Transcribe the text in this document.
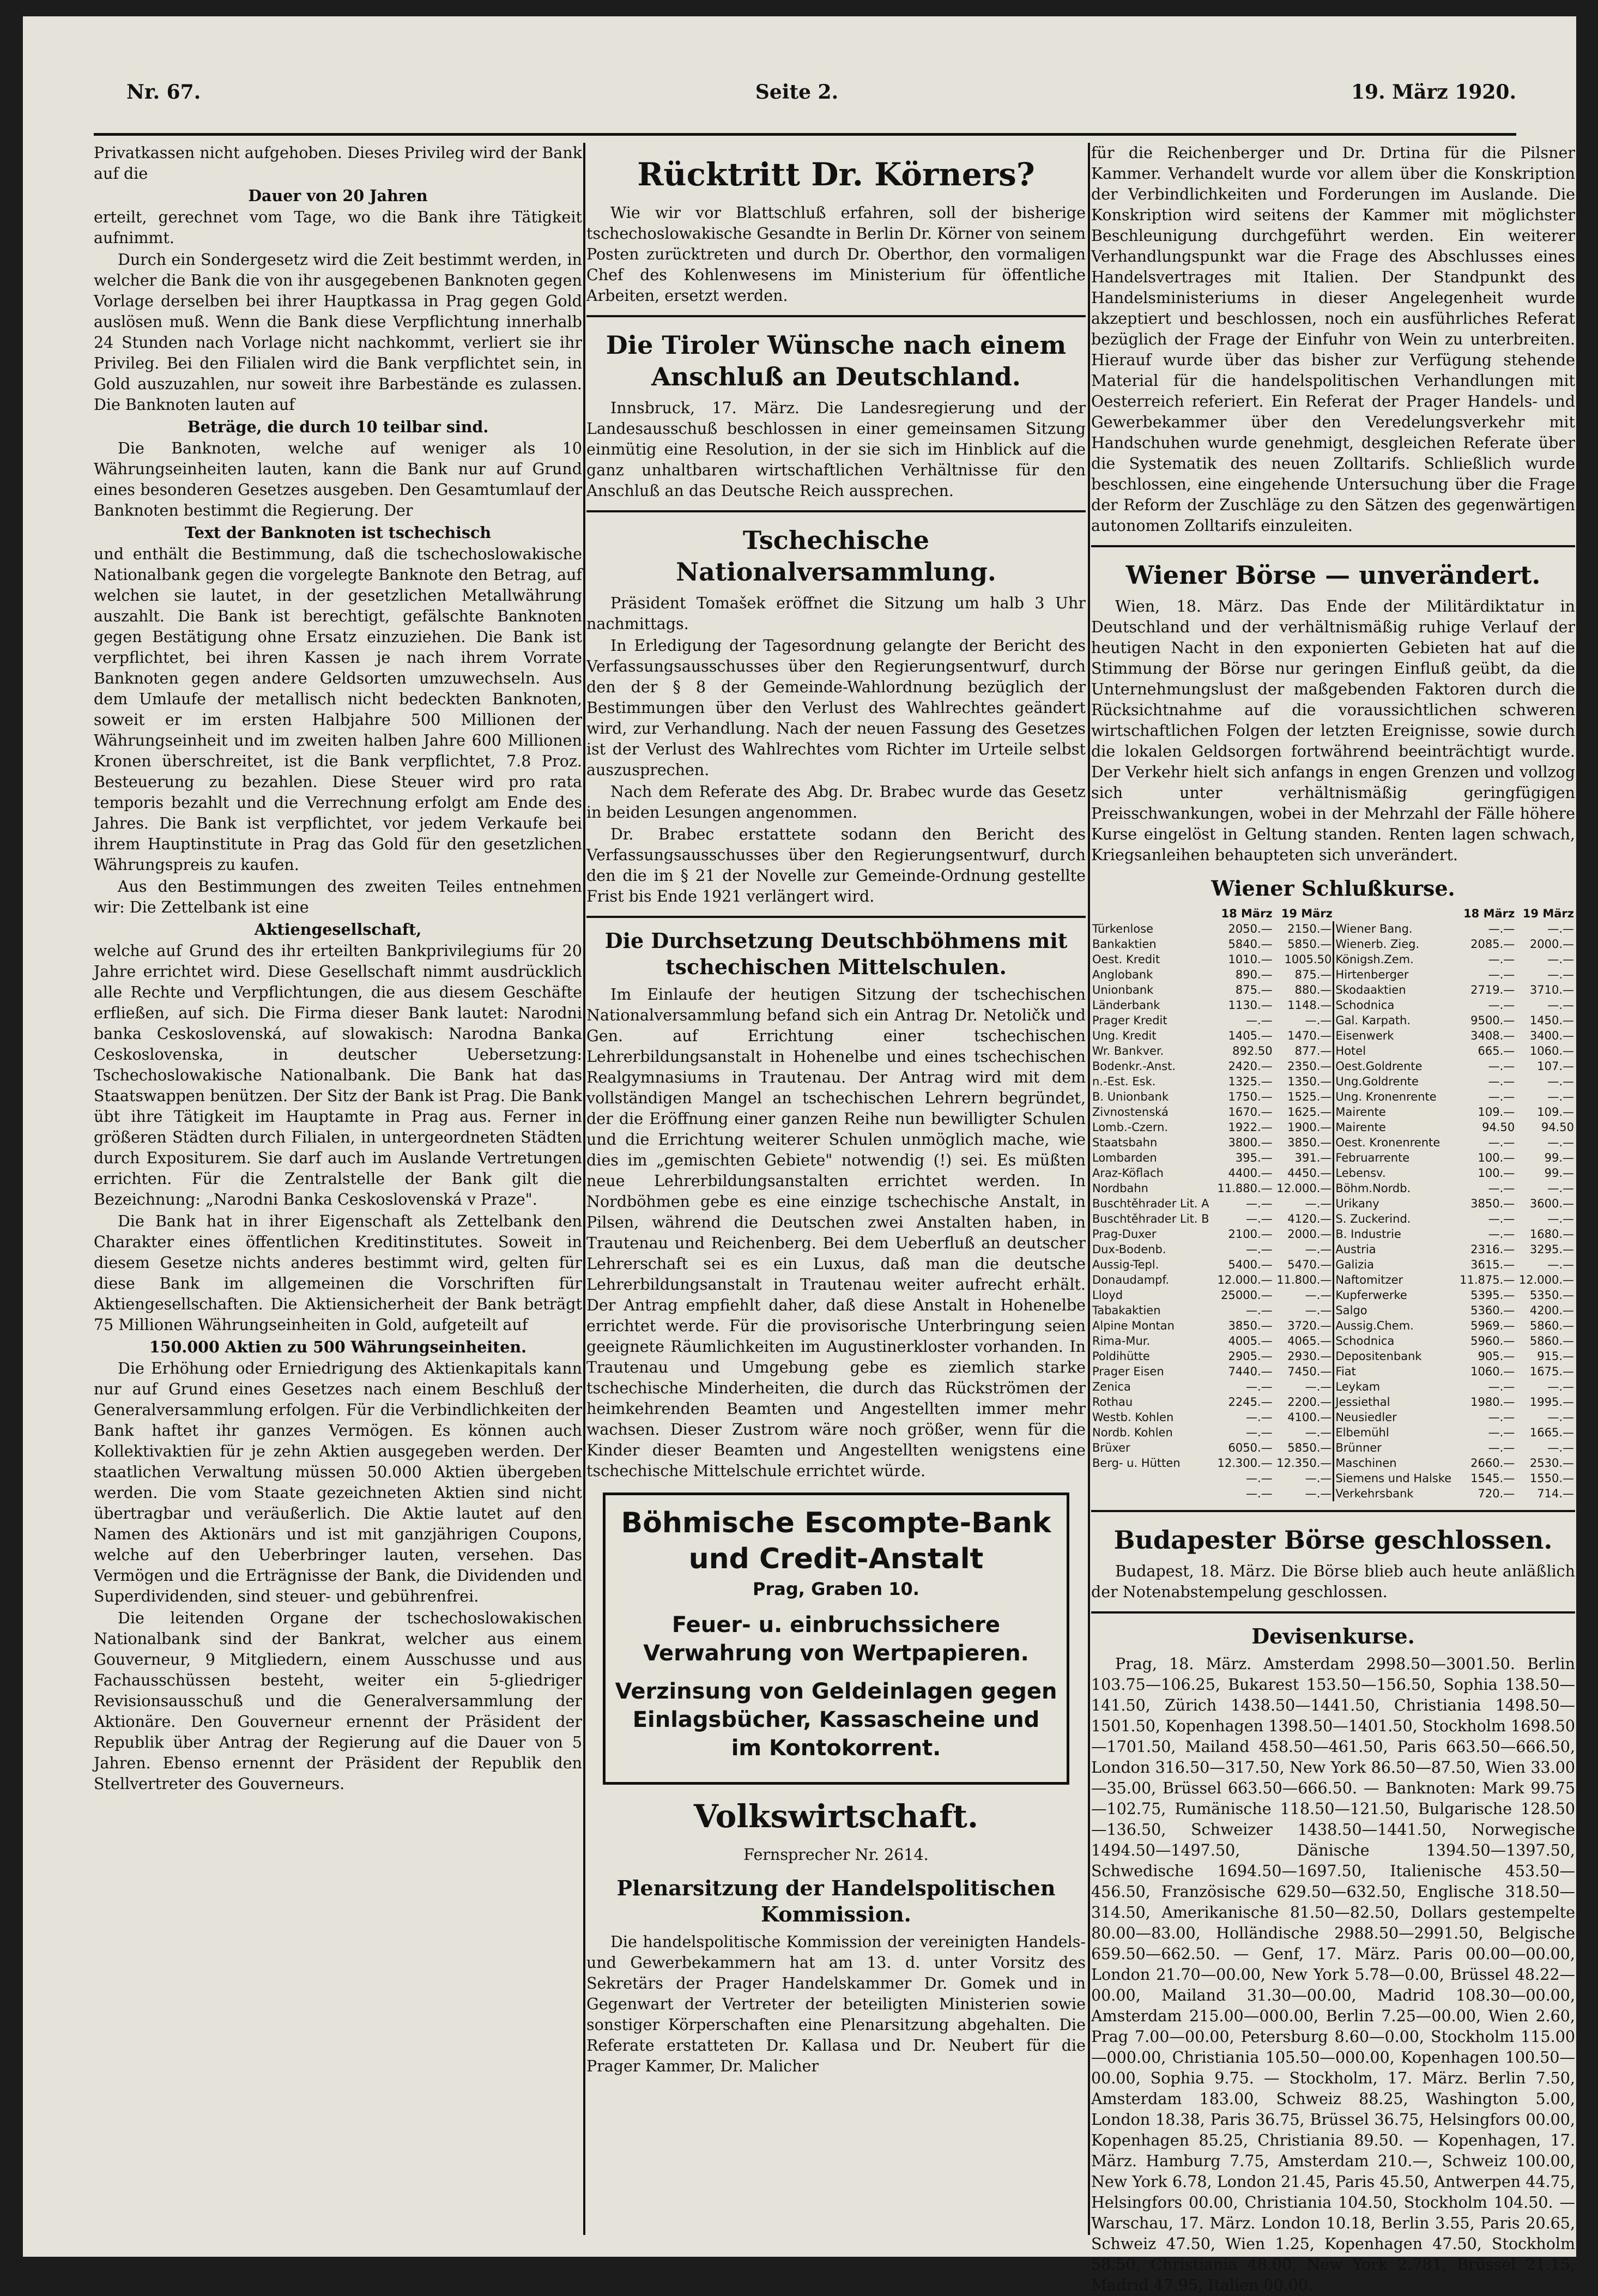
Nr. 67.	Seite 2.	19. März 1920.

Privatkassen nicht aufgehoben. Dieses Privileg wird der Bank auf die

Dauer von 20 Jahren

erteilt, gerechnet vom Tage, wo die Bank ihre Tätigkeit aufnimmt.

Durch ein Sondergesetz wird die Zeit bestimmt werden, in welcher die Bank die von ihr ausgegebenen Banknoten gegen Vorlage derselben bei ihrer Hauptkassa in Prag gegen Gold auslösen muß. Wenn die Bank diese Verpflichtung innerhalb 24 Stunden nach Vorlage nicht nachkommt, verliert sie ihr Privileg. Bei den Filialen wird die Bank verpflichtet sein, in Gold auszuzahlen, nur soweit ihre Barbestände es zulassen. Die Banknoten lauten auf

Beträge, die durch 10 teilbar sind.

Die Banknoten, welche auf weniger als 10 Währungseinheiten lauten, kann die Bank nur auf Grund eines besonderen Gesetzes ausgeben. Den Gesamtumlauf der Banknoten bestimmt die Regierung. Der

Text der Banknoten ist tschechisch

und enthält die Bestimmung, daß die tschechoslowakische Nationalbank gegen die vorgelegte Banknote den Betrag, auf welchen sie lautet, in der gesetzlichen Metallwährung auszahlt. Die Bank ist berechtigt, gefälschte Banknoten gegen Bestätigung ohne Ersatz einzuziehen. Die Bank ist verpflichtet, bei ihren Kassen je nach ihrem Vorrate Banknoten gegen andere Geldsorten umzuwechseln. Aus dem Umlaufe der metallisch nicht bedeckten Banknoten, soweit er im ersten Halbjahre 500 Millionen der Währungseinheit und im zweiten halben Jahre 600 Millionen Kronen überschreitet, ist die Bank verpflichtet, 7.8 Proz. Besteuerung zu bezahlen. Diese Steuer wird pro rata temporis bezahlt und die Verrechnung erfolgt am Ende des Jahres. Die Bank ist verpflichtet, vor jedem Verkaufe bei ihrem Hauptinstitute in Prag das Gold für den gesetzlichen Währungspreis zu kaufen.

Aus den Bestimmungen des zweiten Teiles entnehmen wir: Die Zettelbank ist eine

Aktiengesellschaft,

welche auf Grund des ihr erteilten Bankprivilegiums für 20 Jahre errichtet wird. Diese Gesellschaft nimmt ausdrücklich alle Rechte und Verpflichtungen, die aus diesem Geschäfte erfließen, auf sich. Die Firma dieser Bank lautet: Narodni banka Ceskoslovenská, auf slowakisch: Narodna Banka Ceskoslovenska, in deutscher Uebersetzung: Tschechoslowakische Nationalbank. Die Bank hat das Staatswappen benützen. Der Sitz der Bank ist Prag. Die Bank übt ihre Tätigkeit im Hauptamte in Prag aus. Ferner in größeren Städten durch Filialen, in untergeordneten Städten durch Expositurem. Sie darf auch im Auslande Vertretungen errichten. Für die Zentralstelle der Bank gilt die Bezeichnung: „Narodni Banka Ceskoslovenská v Praze".

Die Bank hat in ihrer Eigenschaft als Zettelbank den Charakter eines öffentlichen Kreditinstitutes. Soweit in diesem Gesetze nichts anderes bestimmt wird, gelten für diese Bank im allgemeinen die Vorschriften für Aktiengesellschaften. Die Aktiensicherheit der Bank beträgt 75 Millionen Währungseinheiten in Gold, aufgeteilt auf

150.000 Aktien zu 500 Währungseinheiten.

Die Erhöhung oder Erniedrigung des Aktienkapitals kann nur auf Grund eines Gesetzes nach einem Beschluß der Generalversammlung erfolgen. Für die Verbindlichkeiten der Bank haftet ihr ganzes Vermögen. Es können auch Kollektivaktien für je zehn Aktien ausgegeben werden. Der staatlichen Verwaltung müssen 50.000 Aktien übergeben werden. Die vom Staate gezeichneten Aktien sind nicht übertragbar und veräußerlich. Die Aktie lautet auf den Namen des Aktionärs und ist mit ganzjährigen Coupons, welche auf den Ueberbringer lauten, versehen. Das Vermögen und die Erträgnisse der Bank, die Dividenden und Superdividenden, sind steuer- und gebührenfrei.

Die leitenden Organe der tschechoslowakischen Nationalbank sind der Bankrat, welcher aus einem Gouverneur, 9 Mitgliedern, einem Ausschusse und aus Fachausschüssen besteht, weiter ein 5-gliedriger Revisionsausschuß und die Generalversammlung der Aktionäre. Den Gouverneur ernennt der Präsident der Republik über Antrag der Regierung auf die Dauer von 5 Jahren. Ebenso ernennt der Präsident der Republik den Stellvertreter des Gouverneurs.

Rücktritt Dr. Körners?

Wie wir vor Blattschluß erfahren, soll der bisherige tschechoslowakische Gesandte in Berlin Dr. Körner von seinem Posten zurücktreten und durch Dr. Oberthor, den vormaligen Chef des Kohlenwesens im Ministerium für öffentliche Arbeiten, ersetzt werden.

Die Tiroler Wünsche nach einem Anschluß an Deutschland.

Innsbruck, 17. März. Die Landesregierung und der Landesausschuß beschlossen in einer gemeinsamen Sitzung einmütig eine Resolution, in der sie sich im Hinblick auf die ganz unhaltbaren wirtschaftlichen Verhältnisse für den Anschluß an das Deutsche Reich aussprechen.

Tschechische Nationalversammlung.

Präsident Tomašek eröffnet die Sitzung um halb 3 Uhr nachmittags.

In Erledigung der Tagesordnung gelangte der Bericht des Verfassungsausschusses über den Regierungsentwurf, durch den der § 8 der Gemeinde-Wahlordnung bezüglich der Bestimmungen über den Verlust des Wahlrechtes geändert wird, zur Verhandlung. Nach der neuen Fassung des Gesetzes ist der Verlust des Wahlrechtes vom Richter im Urteile selbst auszusprechen.

Nach dem Referate des Abg. Dr. Brabec wurde das Gesetz in beiden Lesungen angenommen.

Dr. Brabec erstattete sodann den Bericht des Verfassungsausschusses über den Regierungsentwurf, durch den die im § 21 der Novelle zur Gemeinde-Ordnung gestellte Frist bis Ende 1921 verlängert wird.

Die Durchsetzung Deutschböhmens mit tschechischen Mittelschulen.

Im Einlaufe der heutigen Sitzung der tschechischen Nationalversammlung befand sich ein Antrag Dr. Netoličk und Gen. auf Errichtung einer tschechischen Lehrerbildungsanstalt in Hohenelbe und eines tschechischen Realgymnasiums in Trautenau. Der Antrag wird mit dem vollständigen Mangel an tschechischen Lehrern begründet, der die Eröffnung einer ganzen Reihe nun bewilligter Schulen und die Errichtung weiterer Schulen unmöglich mache, wie dies im „gemischten Gebiete" notwendig (!) sei. Es müßten neue Lehrerbildungsanstalten errichtet werden. In Nordböhmen gebe es eine einzige tschechische Anstalt, in Pilsen, während die Deutschen zwei Anstalten haben, in Trautenau und Reichenberg. Bei dem Ueberfluß an deutscher Lehrerschaft sei es ein Luxus, daß man die deutsche Lehrerbildungsanstalt in Trautenau weiter aufrecht erhält. Der Antrag empfiehlt daher, daß diese Anstalt in Hohenelbe errichtet werde. Für die provisorische Unterbringung seien geeignete Räumlichkeiten im Augustinerkloster vorhanden. In Trautenau und Umgebung gebe es ziemlich starke tschechische Minderheiten, die durch das Rückströmen der heimkehrenden Beamten und Angestellten immer mehr wachsen. Dieser Zustrom wäre noch größer, wenn für die Kinder dieser Beamten und Angestellten wenigstens eine tschechische Mittelschule errichtet würde.

Böhmische Escompte-Bank
und Credit-Anstalt
Prag, Graben 10.
Feuer- u. einbruchssichere Verwahrung von Wertpapieren.
Verzinsung von Geldeinlagen gegen Einlagsbücher, Kassascheine und im Kontokorrent.
Volkswirtschaft.

Fernsprecher Nr. 2614.

Plenarsitzung der Handelspolitischen Kommission.

Die handelspolitische Kommission der vereinigten Handels- und Gewerbekammern hat am 13. d. unter Vorsitz des Sekretärs der Prager Handelskammer Dr. Gomek und in Gegenwart der Vertreter der beteiligten Ministerien sowie sonstiger Körperschaften eine Plenarsitzung abgehalten. Die Referate erstatteten Dr. Kallasa und Dr. Neubert für die Prager Kammer, Dr. Malicher

für die Reichenberger und Dr. Drtina für die Pilsner Kammer. Verhandelt wurde vor allem über die Konskription der Verbindlichkeiten und Forderungen im Auslande. Die Konskription wird seitens der Kammer mit möglichster Beschleunigung durchgeführt werden. Ein weiterer Verhandlungspunkt war die Frage des Abschlusses eines Handelsvertrages mit Italien. Der Standpunkt des Handelsministeriums in dieser Angelegenheit wurde akzeptiert und beschlossen, noch ein ausführliches Referat bezüglich der Frage der Einfuhr von Wein zu unterbreiten. Hierauf wurde über das bisher zur Verfügung stehende Material für die handelspolitischen Verhandlungen mit Oesterreich referiert. Ein Referat der Prager Handels- und Gewerbekammer über den Veredelungsverkehr mit Handschuhen wurde genehmigt, desgleichen Referate über die Systematik des neuen Zolltarifs. Schließlich wurde beschlossen, eine eingehende Untersuchung über die Frage der Reform der Zuschläge zu den Sätzen des gegenwärtigen autonomen Zolltarifs einzuleiten.

Wiener Börse — unverändert.

Wien, 18. März. Das Ende der Militärdiktatur in Deutschland und der verhältnismäßig ruhige Verlauf der heutigen Nacht in den exponierten Gebieten hat auf die Stimmung der Börse nur geringen Einfluß geübt, da die Unternehmungslust der maßgebenden Faktoren durch die Rücksichtnahme auf die voraussichtlichen schweren wirtschaftlichen Folgen der letzten Ereignisse, sowie durch die lokalen Geldsorgen fortwährend beeinträchtigt wurde. Der Verkehr hielt sich anfangs in engen Grenzen und vollzog sich unter verhältnismäßig geringfügigen Preisschwankungen, wobei in der Mehrzahl der Fälle höhere Kurse eingelöst in Geltung standen. Renten lagen schwach, Kriegsanleihen behaupteten sich unverändert.

Wiener Schlußkurse.
	18 März	19 März		18 März	19 März
Türkenlose	2050.—	2150.—	Wiener Bang.	—.—	—.—
Bankaktien	5840.—	5850.—	Wienerb. Zieg.	2085.—	2000.—
Oest. Kredit	1010.—	1005.50	Königsh.Zem.	—.—	—.—
Anglobank	890.—	875.—	Hirtenberger	—.—	—.—
Unionbank	875.—	880.—	Skodaaktien	2719.—	3710.—
Länderbank	1130.—	1148.—	Schodnica	—.—	—.—
Prager Kredit	—.—	—.—	Gal. Karpath.	9500.—	1450.—
Ung. Kredit	1405.—	1470.—	Eisenwerk	3408.—	3400.—
Wr. Bankver.	892.50	877.—	Hotel	665.—	1060.—
Bodenkr.-Anst.	2420.—	2350.—	Oest.Goldrente	—.—	107.—
n.-Est. Esk.	1325.—	1350.—	Ung.Goldrente	—.—	—.—
B. Unionbank	1750.—	1525.—	Ung. Kronenrente	—.—	—.—
Zivnostenská	1670.—	1625.—	Mairente	109.—	109.—
Lomb.-Czern.	1922.—	1900.—	Mairente	94.50	94.50
Staatsbahn	3800.—	3850.—	Oest. Kronenrente	—.—	—.—
Lombarden	395.—	391.—	Februarrente	100.—	99.—
Araz-Köflach	4400.—	4450.—	Lebensv.	100.—	99.—
Nordbahn	11.880.—	12.000.—	Böhm.Nordb.	—.—	—.—
Buschtěhrader Lit. A	—.—	—.—	Urikany	3850.—	3600.—
Buschtěhrader Lit. B	—.—	4120.—	S. Zuckerind.	—.—	—.—
Prag-Duxer	2100.—	2000.—	B. Industrie	—.—	1680.—
Dux-Bodenb.	—.—	—.—	Austria	2316.—	3295.—
Aussig-Tepl.	5400.—	5470.—	Galizia	3615.—	—.—
Donaudampf.	12.000.—	11.800.—	Naftomitzer	11.875.—	12.000.—
Lloyd	25000.—	—.—	Kupferwerke	5395.—	5350.—
Tabakaktien	—.—	—.—	Salgo	5360.—	4200.—
Alpine Montan	3850.—	3720.—	Aussig.Chem.	5969.—	5860.—
Rima-Mur.	4005.—	4065.—	Schodnica	5960.—	5860.—
Poldihütte	2905.—	2930.—	Depositenbank	905.—	915.—
Prager Eisen	7440.—	7450.—	Fiat	1060.—	1675.—
Zenica	—.—	—.—	Leykam	—.—	—.—
Rothau	2245.—	2200.—	Jessiethal	1980.—	1995.—
Westb. Kohlen	—.—	4100.—	Neusiedler	—.—	—.—
Nordb. Kohlen	—.—	—.—	Elbemühl	—.—	1665.—
Brüxer	6050.—	5850.—	Brünner	—.—	—.—
Berg- u. Hütten	12.300.—	12.350.—	Maschinen	2660.—	2530.—
	—.—	—.—	Siemens und Halske	1545.—	1550.—
	—.—	—.—	Verkehrsbank	720.—	714.—
Budapester Börse geschlossen.

Budapest, 18. März. Die Börse blieb auch heute anläßlich der Notenabstempelung geschlossen.

Devisenkurse.

Prag, 18. März. Amsterdam 2998.50—3001.50. Berlin 103.75—106.25, Bukarest 153.50—156.50, Sophia 138.50—141.50, Zürich 1438.50—1441.50, Christiania 1498.50—1501.50, Kopenhagen 1398.50—1401.50, Stockholm 1698.50—1701.50, Mailand 458.50—461.50, Paris 663.50—666.50, London 316.50—317.50, New York 86.50—87.50, Wien 33.00—35.00, Brüssel 663.50—666.50. — Banknoten: Mark 99.75—102.75, Rumänische 118.50—121.50, Bulgarische 128.50—136.50, Schweizer 1438.50—1441.50, Norwegische 1494.50—1497.50, Dänische 1394.50—1397.50, Schwedische 1694.50—1697.50, Italienische 453.50—456.50, Französische 629.50—632.50, Englische 318.50—314.50, Amerikanische 81.50—82.50, Dollars gestempelte 80.00—83.00, Holländische 2988.50—2991.50, Belgische 659.50—662.50. — Genf, 17. März. Paris 00.00—00.00, London 21.70—00.00, New York 5.78—0.00, Brüssel 48.22—00.00, Mailand 31.30—00.00, Madrid 108.30—00.00, Amsterdam 215.00—000.00, Berlin 7.25—00.00, Wien 2.60, Prag 7.00—00.00, Petersburg 8.60—0.00, Stockholm 115.00—000.00, Christiania 105.50—000.00, Kopenhagen 100.50—00.00, Sophia 9.75. — Stockholm, 17. März. Berlin 7.50, Amsterdam 183.00, Schweiz 88.25, Washington 5.00, London 18.38, Paris 36.75, Brüssel 36.75, Helsingfors 00.00, Kopenhagen 85.25, Christiania 89.50. — Kopenhagen, 17. März. Hamburg 7.75, Amsterdam 210.—, Schweiz 100.00, New York 6.78, London 21.45, Paris 45.50, Antwerpen 44.75, Helsingfors 00.00, Christiania 104.50, Stockholm 104.50. — Warschau, 17. März. London 10.18, Berlin 3.55, Paris 20.65, Schweiz 47.50, Wien 1.25, Kopenhagen 47.50, Stockholm 58.50, Christiania 48.00, New York 2.781, Brüssel 21.15, Madrid 47.95, Italien 00.00.
